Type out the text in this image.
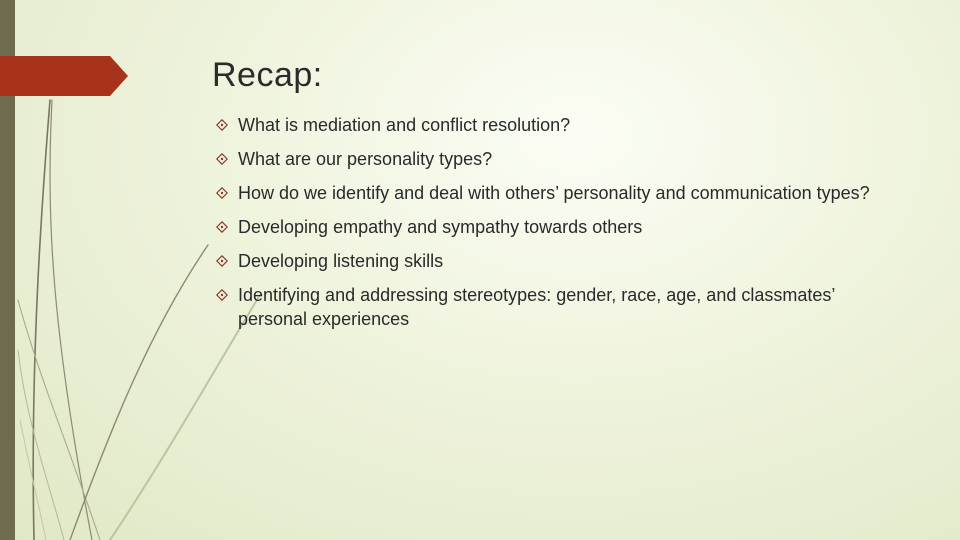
Recap:
What is mediation and conflict resolution?
What are our personality types?
How do we identify and deal with others’ personality and communication types?
Developing empathy and sympathy towards others
Developing listening skills
Identifying and addressing stereotypes: gender, race, age, and classmates’ personal experiences
